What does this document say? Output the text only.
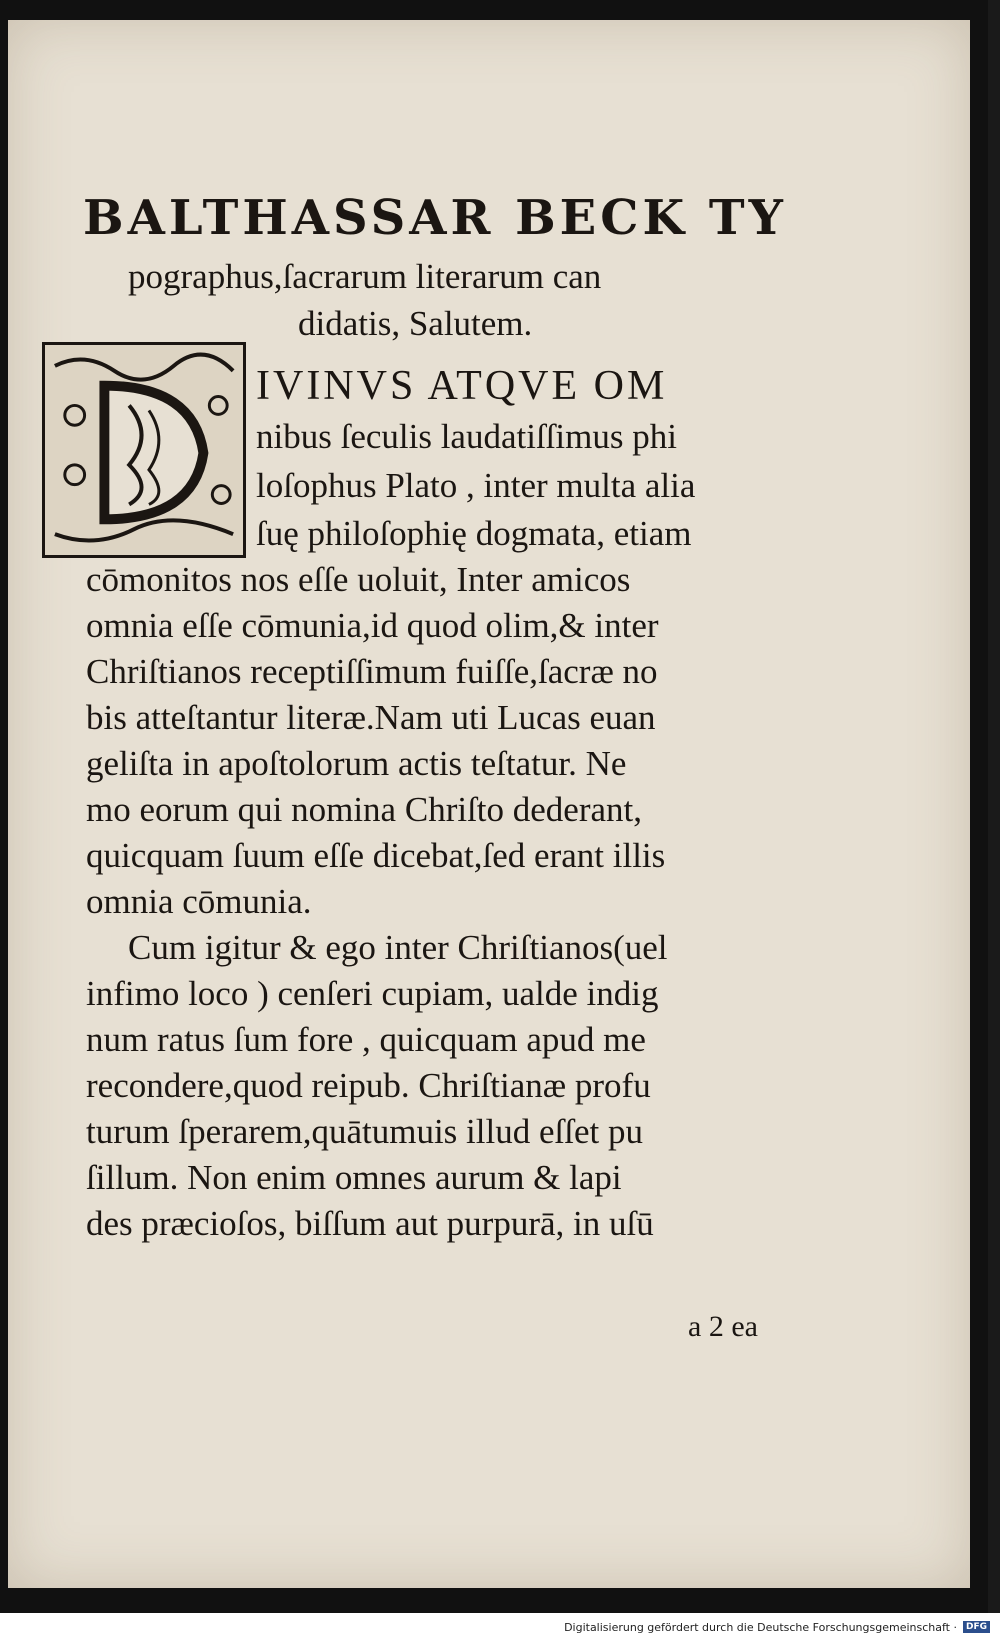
BALTHASSAR BECK TY
pographus,ſacrarum literarum can
didatis, Salutem.
IVINVS ATQVE OM
nibus ſeculis laudatiſſimus phi
loſophus Plato , inter multa alia
ſuę philoſophię dogmata, etiam
cōmonitos nos eſſe uoluit, Inter amicos
omnia eſſe cōmunia,id quod olim,& inter
Chriſtianos receptiſſimum fuiſſe,ſacræ no
bis atteſtantur literæ.Nam uti Lucas euan
geliſta in apoſtolorum actis teſtatur. Ne
mo eorum qui nomina Chriſto dederant,
quicquam ſuum eſſe dicebat,ſed erant illis
omnia cōmunia.
Cum igitur & ego inter Chriſtianos(uel
infimo loco ) cenſeri cupiam, ualde indig
num ratus ſum fore , quicquam apud me
recondere,quod reipub. Chriſtianæ profu
turum ſperarem,quātumuis illud eſſet pu
ſillum. Non enim omnes aurum & lapi
des præcioſos, biſſum aut purpurā, in uſū
a 2 ea
Digitalisierung gefördert durch die Deutsche Forschungsgemeinschaft ·	DFG
